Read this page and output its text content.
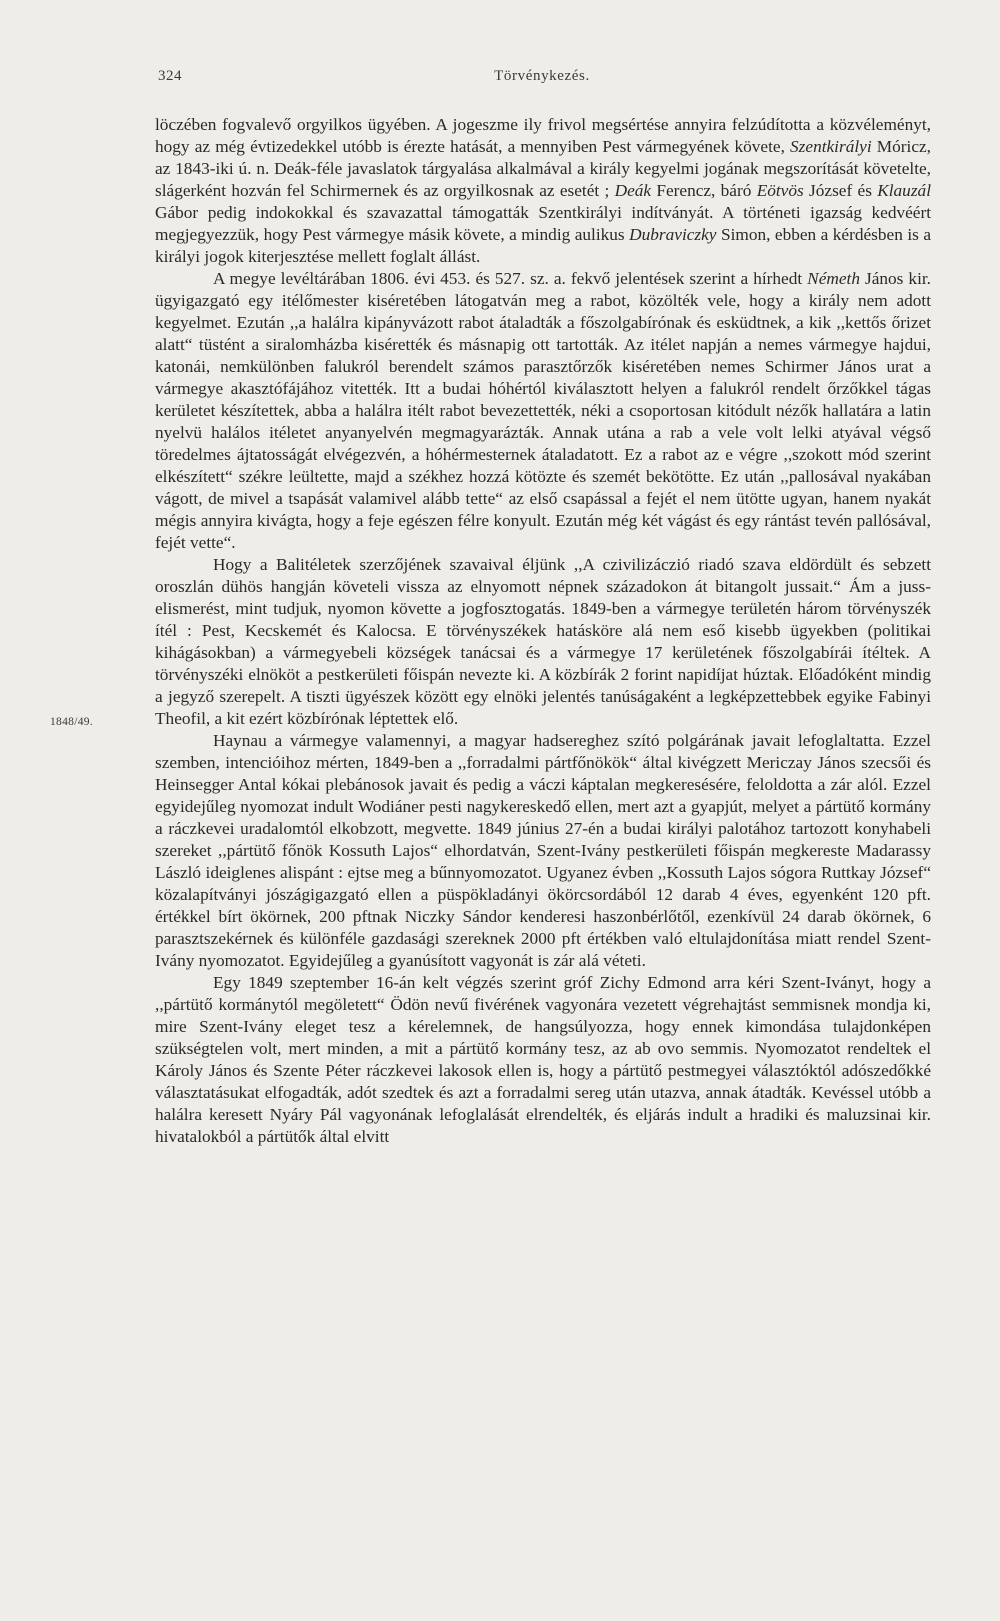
324	Törvénykezés.
1848/49.

löczében fogvalevő orgyilkos ügyében. A jogeszme ily frivol megsértése annyira felzúdította a közvéleményt, hogy az még évtizedekkel utóbb is érezte hatását, a mennyiben Pest vármegyének követe, Szentkirályi Móricz, az 1843-iki ú. n. Deák-féle javaslatok tárgyalása alkalmával a király kegyelmi jogának megszorítását követelte, slágerként hozván fel Schirmernek és az orgyilkosnak az esetét ; Deák Ferencz, báró Eötvös József és Klauzál Gábor pedig indokokkal és szavazattal támogatták Szentkirályi indítványát. A történeti igazság kedvéért megjegyezzük, hogy Pest vármegye másik követe, a mindig aulikus Dubraviczky Simon, ebben a kérdésben is a királyi jogok kiterjesztése mellett foglalt állást.

A megye levéltárában 1806. évi 453. és 527. sz. a. fekvő jelentések szerint a hírhedt Németh János kir. ügyigazgató egy itélőmester kiséretében látogatván meg a rabot, közölték vele, hogy a király nem adott kegyelmet. Ezután ,,a halálra kipányvázott rabot átaladták a főszolgabírónak és esküdtnek, a kik ,,kettős őrizet alatt“ tüstént a siralomházba kisérették és másnapig ott tartották. Az itélet napján a nemes vármegye hajdui, katonái, nemkülönben falukról berendelt számos parasztőrzők kiséretében nemes Schirmer János urat a vármegye akasztófájához vitették. Itt a budai hóhértól kiválasztott helyen a falukról rendelt őrzőkkel tágas kerületet készítettek, abba a halálra itélt rabot bevezettették, néki a csoportosan kitódult nézők hallatára a latin nyelvü halálos itéletet anyanyelvén megmagyarázták. Annak utána a rab a vele volt lelki atyával végső töredelmes ájtatosságát elvégezvén, a hóhérmesternek átaladatott. Ez a rabot az e végre ,,szokott mód szerint elkészített“ székre leültette, majd a székhez hozzá kötözte és szemét bekötötte. Ez után ,,pallosával nyakában vágott, de mivel a tsapását valamivel alább tette“ az első csapással a fejét el nem ütötte ugyan, hanem nyakát mégis annyira kivágta, hogy a feje egészen félre konyult. Ezután még két vágást és egy rántást tevén pallósával, fejét vette“.

Hogy a Balitéletek szerzőjének szavaival éljünk ,,A czivilizáczió riadó szava eldördült és sebzett oroszlán dühös hangján követeli vissza az elnyomott népnek századokon át bitangolt jussait.“ Ám a juss-elismerést, mint tudjuk, nyomon követte a jogfosztogatás. 1849-ben a vármegye területén három törvényszék ítél : Pest, Kecskemét és Kalocsa. E törvényszékek hatásköre alá nem eső kisebb ügyekben (politikai kihágásokban) a vármegyebeli községek tanácsai és a vármegye 17 kerületének főszolgabírái ítéltek. A törvényszéki elnököt a pestkerületi főispán nevezte ki. A közbírák 2 forint napidíjat húztak. Előadóként mindig a jegyző szerepelt. A tiszti ügyészek között egy elnöki jelentés tanúságaként a legképzettebbek egyike Fabinyi Theofil, a kit ezért közbírónak léptettek elő.

Haynau a vármegye valamennyi, a magyar hadsereghez szító polgárának javait lefoglaltatta. Ezzel szemben, intencióihoz mérten, 1849-ben a ,,forradalmi pártfőnökök“ által kivégzett Mericzay János szecsői és Heinsegger Antal kókai plebánosok javait és pedig a váczi káptalan megkeresésére, feloldotta a zár alól. Ezzel egyidejűleg nyomozat indult Wodiáner pesti nagykereskedő ellen, mert azt a gyapjút, melyet a pártütő kormány a ráczkevei uradalomtól elkobzott, megvette. 1849 június 27-én a budai királyi palotához tartozott konyhabeli szereket ,,pártütő főnök Kossuth Lajos“ elhordatván, Szent-Ivány pestkerületi főispán megkereste Madarassy László ideiglenes alispánt : ejtse meg a bűnnyomozatot. Ugyanez évben ,,Kossuth Lajos sógora Ruttkay József“ közalapítványi jószágigazgató ellen a püspökladányi ökörcsordából 12 darab 4 éves, egyenként 120 pft. értékkel bírt ökörnek, 200 pftnak Niczky Sándor kenderesi haszonbérlőtől, ezenkívül 24 darab ökörnek, 6 parasztszekérnek és különféle gazdasági szereknek 2000 pft értékben való eltulajdonítása miatt rendel Szent-Ivány nyomozatot. Egyidejűleg a gyanúsított vagyonát is zár alá véteti.

Egy 1849 szeptember 16-án kelt végzés szerint gróf Zichy Edmond arra kéri Szent-Iványt, hogy a ,,pártütő kormánytól megöletett“ Ödön nevű fivérének vagyonára vezetett végrehajtást semmisnek mondja ki, mire Szent-Ivány eleget tesz a kérelemnek, de hangsúlyozza, hogy ennek kimondása tulajdonképen szükségtelen volt, mert minden, a mit a pártütő kormány tesz, az ab ovo semmis. Nyomozatot rendeltek el Károly János és Szente Péter ráczkevei lakosok ellen is, hogy a pártütő pestmegyei választóktól adószedőkké választatásukat elfogadták, adót szedtek és azt a forradalmi sereg után utazva, annak átadták. Kevéssel utóbb a halálra keresett Nyáry Pál vagyonának lefoglalását elrendelték, és eljárás indult a hradiki és maluzsinai kir. hivatalokból a pártütők által elvitt
